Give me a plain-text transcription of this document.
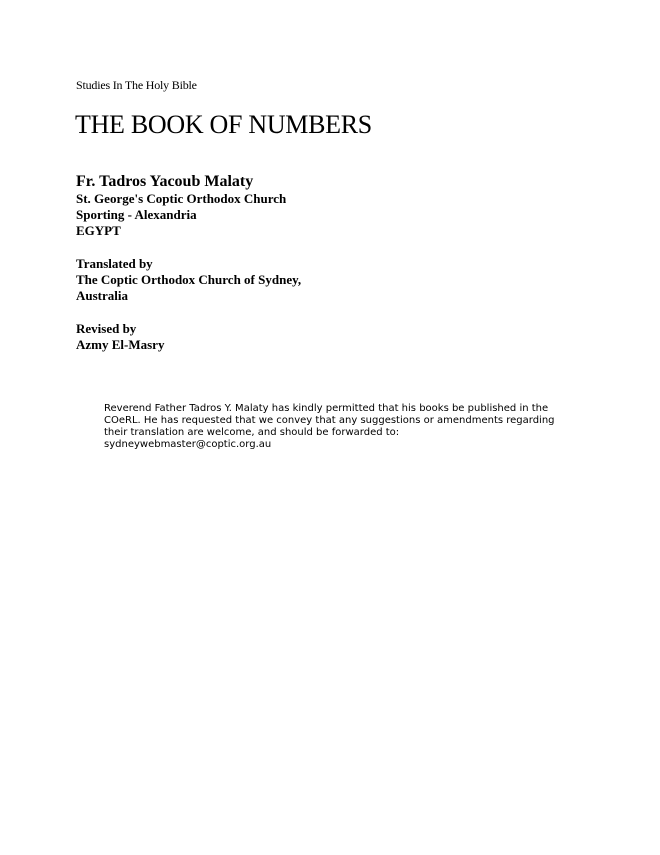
Studies In The Holy Bible
THE BOOK OF NUMBERS
Fr. Tadros Yacoub Malaty
St. George's Coptic Orthodox Church
Sporting - Alexandria
EGYPT
Translated by
The Coptic Orthodox Church of Sydney,
Australia
Revised by
Azmy El-Masry

Reverend Father Tadros Y. Malaty has kindly permitted that his books be published in the COeRL. He has requested that we convey that any suggestions or amendments regarding their translation are welcome, and should be forwarded to:

sydneywebmaster@coptic.org.au
